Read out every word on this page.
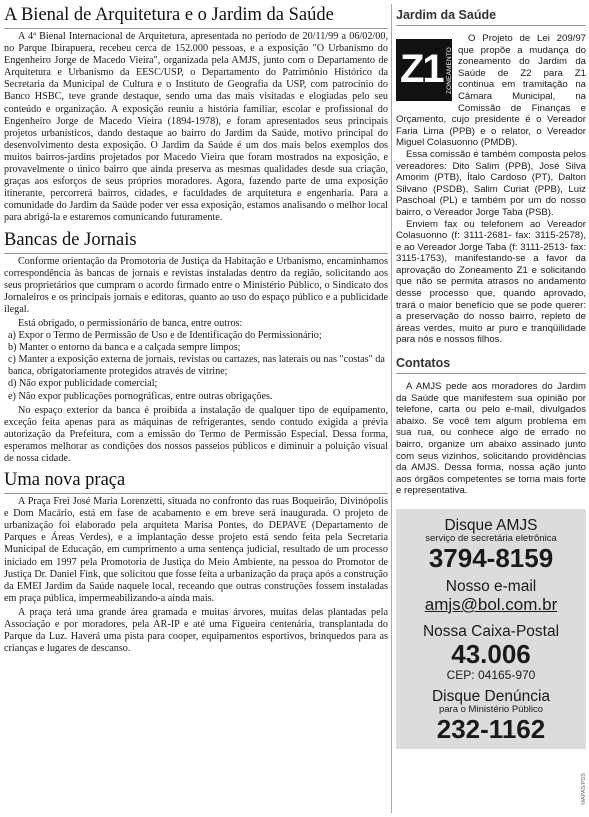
A Bienal de Arquitetura e o Jardim da Saúde

A 4ª Bienal Internacional de Arquitetura, apresentada no período de 20/11/99 a 06/02/00, no Parque Ibirapuera, recebeu cerca de 152.000 pessoas, e a exposição "O Urbanismo do Engenheiro Jorge de Macedo Vieira", organizada pela AMJS, junto com o Departamento de Arquitetura e Urbanismo da EESC/USP, o Departamento do Patrimônio Histórico da Secretaria da Municipal de Cultura e o Instituto de Geografia da USP, com patrocínio do Banco HSBC, teve grande destaque, sendo uma das mais visitadas e elogiadas pelo seu conteúdo e organização. A exposição reuniu a história familiar, escolar e profissional do Engenheiro Jorge de Macedo Vieira (1894-1978), e foram apresentados seus principais projetos urbanísticos, dando destaque ao bairro do Jardim da Saúde, motivo principal do desenvolvimento desta exposição. O Jardim da Saúde é um dos mais belos exemplos dos muitos bairros-jardins projetados por Macedo Vieira que foram mostrados na exposição, e provavelmente o único bairro que ainda preserva as mesmas qualidades desde sua criação, graças aos esforços de seus próprios moradores. Agora, fazendo parte de uma exposição itinerante, percorrerá bairros, cidades, e faculdades de arquitetura e engenharia. Para a comunidade do Jardim da Saúde poder ver essa exposição, estamos analisando o melhor local para abrigá-la e estaremos comunicando futuramente.

Bancas de Jornais

Conforme orientação da Promotoria de Justiça da Habitação e Urbanismo, encaminhamos correspondência às bancas de jornais e revistas instaladas dentro da região, solicitando aos seus proprietários que cumpram o acordo firmado entre o Ministério Público, o Sindicato dos Jornaleiros e os principais jornais e editoras, quanto ao uso do espaço público e a publicidade ilegal.

Está obrigado, o permissionário de banca, entre outros:

a) Expor o Termo de Permissão de Uso e de Identificação do Permissionário;
b) Manter o entorno da banca e a calçada sempre limpos;
c) Manter a exposição externa de jornais, revistas ou cartazes, nas laterais ou nas "costas" da banca, obrigatoriamente protegidos através de vitrine;
d) Não expor publicidade comercial;
e) Não expor publicações pornográficas, entre outras obrigações.

No espaço exterior da banca é proibida a instalação de qualquer tipo de equipamento, exceção feita apenas para as máquinas de refrigerantes, sendo contudo exigida a prévia autorização da Prefeitura, com a emissão do Termo de Permissão Especial. Dessa forma, esperamos melhorar as condições dos nossos passeios públicos e diminuir a poluição visual de nossa cidade.

Uma nova praça

A Praça Frei José Maria Lorenzetti, situada no confronto das ruas Boqueirão, Divinópolis e Dom Macário, está em fase de acabamento e em breve será inaugurada. O projeto de urbanização foi elaborado pela arquiteta Marisa Pontes, do DEPAVE (Departamento de Parques e Áreas Verdes), e a implantação desse projeto está sendo feita pela Secretaria Municipal de Educação, em cumprimento a uma sentença judicial, resultado de um processo iniciado em 1997 pela Promotoria de Justiça do Meio Ambiente, na pessoa do Promotor de Justiça Dr. Daniel Fink, que solicitou que fosse feita a urbanização da praça após a construção da EMEI Jardim da Saúde naquele local, receando que outras construções fossem instaladas em praça pública, impermeabilizando-a ainda mais.

A praça terá uma grande área gramada e muitas árvores, muitas delas plantadas pela Associação e por moradores, pela AR-IP e até uma Figueira centenária, transplantada do Parque da Luz. Haverá uma pista para cooper, equipamentos esportivos, brinquedos para as crianças e lugares de descanso.

Jardim da Saúde
Z1 ZONEAMENTO

O Projeto de Lei 209/97 que propõe a mudança do zoneamento do Jardim da Saúde de Z2 para Z1 continua em tramitação na Câmara Municipal, na Comissão de Finanças e Orçamento, cujo presidente é o Vereador Faria Lima (PPB) e o relator, o Vereador Miguel Colasuonno (PMDB).

Essa comissão é também composta pelos vereadores: Dito Salim (PPB), José Silva Amorim (PTB), Ítalo Cardoso (PT), Dalton Silvano (PSDB), Salim Curiat (PPB), Luiz Paschoal (PL) e também por um do nosso bairro, o Vereador Jorge Taba (PSB).

Enviem fax ou telefonem ao Vereador Colasuonno (f: 3111-2681- fax: 3115-2578), e ao Vereador Jorge Taba (f: 3111-2513- fax: 3115-1753), manifestando-se a favor da aprovação do Zoneamento Z1 e solicitando que não se permita atrasos no andamento desse processo que, quando aprovado, trará o maior benefício que se pode querer: a preservação do nosso bairro, repleto de áreas verdes, muito ar puro e tranqüilidade para nós e nossos filhos.

Contatos

A AMJS pede aos moradores do Jardim da Saúde que manifestem sua opinião por telefone, carta ou pelo e-mail, divulgados abaixo. Se você tem algum problema em sua rua, ou conhece algo de errado no bairro, organize um abaixo assinado junto com seus vizinhos, solicitando providências da AMJS. Dessa forma, nossa ação junto aos órgãos competentes se torna mais forte e representativa.

Disque AMJS
serviço de secretária eletrônica
3794-8159
Nosso e-mail
amjs@bol.com.br
Nossa Caixa-Postal
43.006
CEP: 04165-970
Disque Denúncia
para o Ministério Público
232-1162
MAPAS/PDS
